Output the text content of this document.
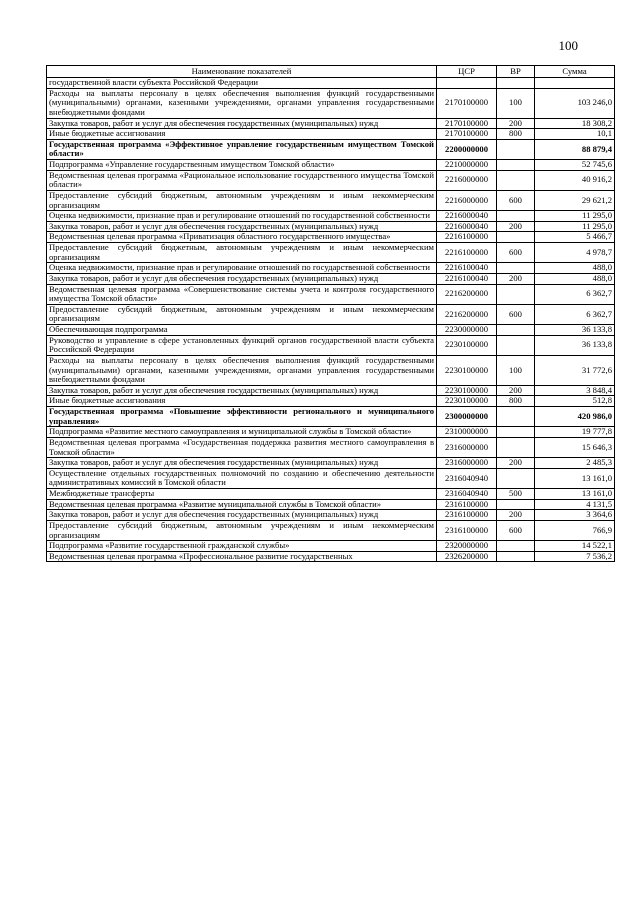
100
Наименование показателей	ЦСР	ВР	Сумма
государственной власти субъекта Российской Федерации			
Расходы на выплаты персоналу в целях обеспечения выполнения функций государственными (муниципальными) органами, казенными учреждениями, органами управления государственными внебюджетными фондами	2170100000	100	103 246,0
Закупка товаров, работ и услуг для обеспечения государственных (муниципальных) нужд	2170100000	200	18 308,2
Иные бюджетные ассигнования	2170100000	800	10,1
Государственная программа «Эффективное управление государственным имуществом Томской области»	2200000000		88 879,4
Подпрограмма «Управление государственным имуществом Томской области»	2210000000		52 745,6
Ведомственная целевая программа «Рациональное использование государственного имущества Томской области»	2216000000		40 916,2
Предоставление субсидий бюджетным, автономным учреждениям и иным некоммерческим организациям	2216000000	600	29 621,2
Оценка недвижимости, признание прав и регулирование отношений по государственной собственности	2216000040		11 295,0
Закупка товаров, работ и услуг для обеспечения государственных (муниципальных) нужд	2216000040	200	11 295,0
Ведомственная целевая программа «Приватизация областного государственного имущества»	2216100000		5 466,7
Предоставление субсидий бюджетным, автономным учреждениям и иным некоммерческим организациям	2216100000	600	4 978,7
Оценка недвижимости, признание прав и регулирование отношений по государственной собственности	2216100040		488,0
Закупка товаров, работ и услуг для обеспечения государственных (муниципальных) нужд	2216100040	200	488,0
Ведомственная целевая программа «Совершенствование системы учета и контроля государственного имущества Томской области»	2216200000		6 362,7
Предоставление субсидий бюджетным, автономным учреждениям и иным некоммерческим организациям	2216200000	600	6 362,7
Обеспечивающая подпрограмма	2230000000		36 133,8
Руководство и управление в сфере установленных функций органов государственной власти субъекта Российской Федерации	2230100000		36 133,8
Расходы на выплаты персоналу в целях обеспечения выполнения функций государственными (муниципальными) органами, казенными учреждениями, органами управления государственными внебюджетными фондами	2230100000	100	31 772,6
Закупка товаров, работ и услуг для обеспечения государственных (муниципальных) нужд	2230100000	200	3 848,4
Иные бюджетные ассигнования	2230100000	800	512,8
Государственная программа «Повышение эффективности регионального и муниципального управления»	2300000000		420 986,0
Подпрограмма «Развитие местного самоуправления и муниципальной службы в Томской области»	2310000000		19 777,8
Ведомственная целевая программа «Государственная поддержка развития местного самоуправления в Томской области»	2316000000		15 646,3
Закупка товаров, работ и услуг для обеспечения государственных (муниципальных) нужд	2316000000	200	2 485,3
Осуществление отдельных государственных полномочий по созданию и обеспечению деятельности административных комиссий в Томской области	2316040940		13 161,0
Межбюджетные трансферты	2316040940	500	13 161,0
Ведомственная целевая программа «Развитие муниципальной службы в Томской области»	2316100000		4 131,5
Закупка товаров, работ и услуг для обеспечения государственных (муниципальных) нужд	2316100000	200	3 364,6
Предоставление субсидий бюджетным, автономным учреждениям и иным некоммерческим организациям	2316100000	600	766,9
Подпрограмма «Развитие государственной гражданской службы»	2320000000		14 522,1
Ведомственная целевая программа «Профессиональное развитие государственных	2326200000		7 536,2
